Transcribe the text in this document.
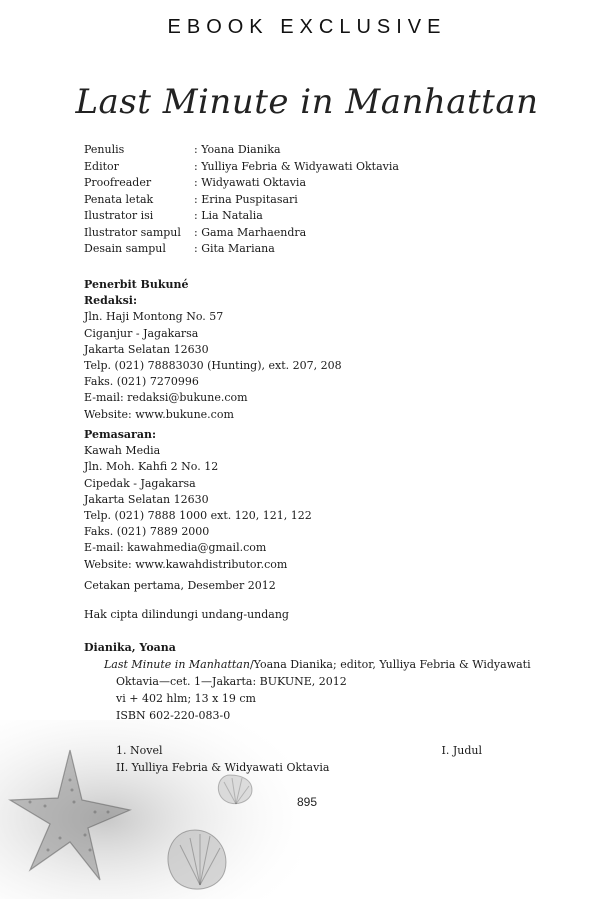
EBOOK EXCLUSIVE
Last Minute in Manhattan
Penulis	: Yoana Dianika
Editor	: Yulliya Febria & Widyawati Oktavia
Proofreader	: Widyawati Oktavia
Penata letak	: Erina Puspitasari
Ilustrator isi	: Lia Natalia
Ilustrator sampul	: Gama Marhaendra
Desain sampul	: Gita Mariana
Penerbit Bukuné
Redaksi:
Jln. Haji Montong No. 57
Ciganjur - Jagakarsa
Jakarta Selatan 12630
Telp. (021) 78883030 (Hunting), ext. 207, 208
Faks. (021) 7270996
E-mail: redaksi@bukune.com
Website: www.bukune.com
Pemasaran:
Kawah Media
Jln. Moh. Kahfi 2 No. 12
Cipedak - Jagakarsa
Jakarta Selatan 12630
Telp. (021) 7888 1000 ext. 120, 121, 122
Faks. (021) 7889 2000
E-mail: kawahmedia@gmail.com
Website: www.kawahdistributor.com
Cetakan pertama, Desember 2012
Hak cipta dilindungi undang-undang
Dianika, Yoana
Last Minute in Manhattan/Yoana Dianika; editor, Yulliya Febria & Widyawati
Oktavia—cet. 1—Jakarta: BUKUNE, 2012
vi + 402 hlm; 13 x 19 cm
ISBN 602-220-083-0
1. Novel	I. Judul
II. Yulliya Febria & Widyawati Oktavia
895
